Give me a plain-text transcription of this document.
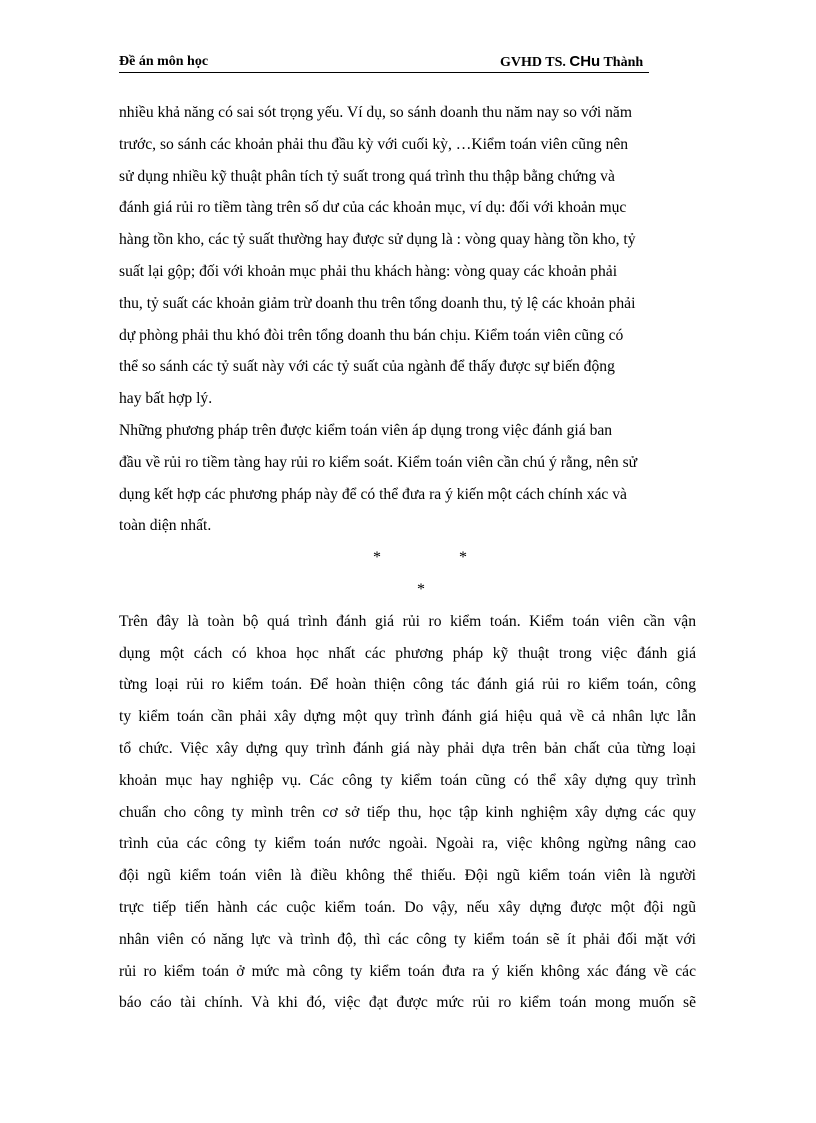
Đề án môn học	GVHD TS. CHu Thành

nhiều khả năng có sai sót trọng yếu. Ví dụ, so sánh doanh thu năm nay so với năm
trước, so sánh các khoản phải thu đầu kỳ với cuối kỳ, …Kiểm toán viên cũng nên
sử dụng nhiều kỹ thuật phân tích tỷ suất trong quá trình thu thập bằng chứng và
đánh giá rủi ro tiềm tàng trên số dư của các khoản mục, ví dụ: đối với khoản mục
hàng tồn kho, các tỷ suất thường hay được sử dụng là : vòng quay hàng tồn kho, tỷ
suất lại gộp; đối với khoản mục phải thu khách hàng: vòng quay các khoản phải
thu, tỷ suất các khoản giảm trừ doanh thu trên tổng doanh thu, tỷ lệ các khoản phải
dự phòng phải thu khó đòi trên tổng doanh thu bán chịu. Kiểm toán viên cũng có
thể so sánh các tỷ suất này với các tỷ suất của ngành để thấy được sự biến động
hay bất hợp lý.

Những phương pháp trên được kiểm toán viên áp dụng trong việc đánh giá ban
đầu về rủi ro tiềm tàng hay rủi ro kiểm soát. Kiểm toán viên cần chú ý rằng, nên sử
dụng kết hợp các phương pháp này để có thể đưa ra ý kiến một cách chính xác và
toàn diện nhất.

*	*
*

Trên đây là toàn bộ quá trình đánh giá rủi ro kiểm toán. Kiểm toán viên cần vận
dụng một cách có khoa học nhất các phương pháp kỹ thuật trong việc đánh giá
từng loại rủi ro kiểm toán. Để hoàn thiện công tác đánh giá rủi ro kiểm toán, công
ty kiểm toán cần phải xây dựng một quy trình đánh giá hiệu quả về cả nhân lực lẫn
tổ chức. Việc xây dựng quy trình đánh giá này phải dựa trên bản chất của từng loại
khoản mục hay nghiệp vụ. Các công ty kiểm toán cũng có thể xây dựng quy trình
chuẩn cho công ty mình trên cơ sở tiếp thu, học tập kinh nghiệm xây dựng các quy
trình của các công ty kiểm toán nước ngoài. Ngoài ra, việc không ngừng nâng cao
đội ngũ kiểm toán viên là điều không thể thiếu. Đội ngũ kiểm toán viên là người
trực tiếp tiến hành các cuộc kiểm toán. Do vậy, nếu xây dựng được một đội ngũ
nhân viên có năng lực và trình độ, thì các công ty kiểm toán sẽ ít phải đối mặt với
rủi ro kiểm toán ở mức mà công ty kiểm toán đưa ra ý kiến không xác đáng về các
báo cáo tài chính. Và khi đó, việc đạt được mức rủi ro kiểm toán mong muốn sẽ
